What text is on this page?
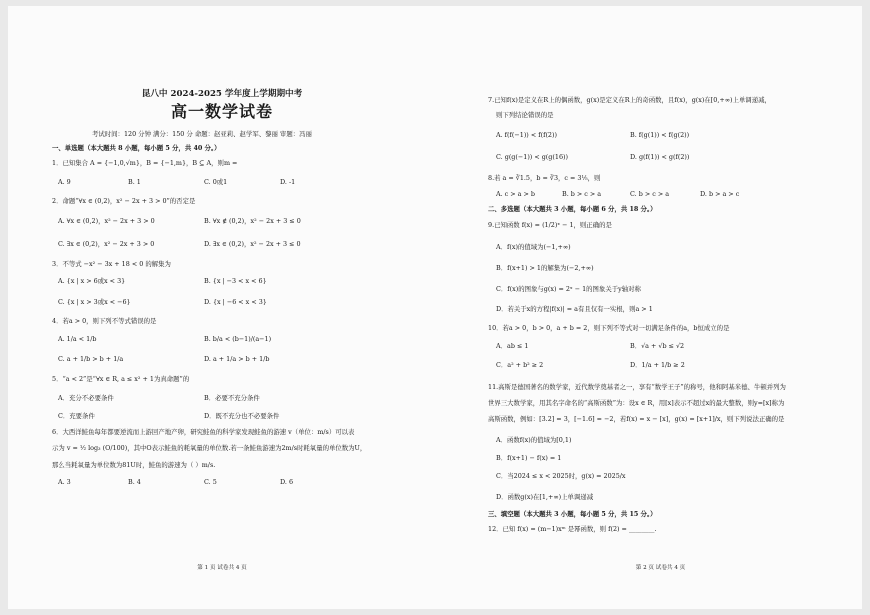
昆八中 2024-2025 学年度上学期期中考
高一数学试卷
考试时间：120 分钟 满分：150 分 命题：赵亚莉、赵学军、黎丽 审题：冯丽
一、单选题（本大题共 8 小题，每小题 5 分，共 40 分。）
1．已知集合 A = {−1,0,√m}，B = {−1,m}，B ⊆ A，则m =
A. 9	B. 1	C. 0或1	D. -1
2．命题“∀x ∈ (0,2)，x² − 2x + 3 > 0”的否定是
A. ∀x ∈ (0,2)，x² − 2x + 3 > 0	B. ∀x ∉ (0,2)，x² − 2x + 3 ≤ 0
C. ∃x ∈ (0,2)，x² − 2x + 3 > 0	D. ∃x ∈ (0,2)，x² − 2x + 3 ≤ 0
3．不等式 −x² − 3x + 18 < 0 的解集为
A. {x | x > 6或x < 3}	B. {x | −3 < x < 6}
C. {x | x > 3或x < −6}	D. {x | −6 < x < 3}
4．若a > 0，则下列不等式错误的是
A. 1/a < 1/b	B. b/a < (b−1)/(a−1)
C. a + 1/b > b + 1/a	D. a + 1/a > b + 1/b
5．“a < 2”是“∀x ∈ R, a ≤ x² + 1为真命题”的
A．充分不必要条件	B．必要不充分条件
C．充要条件	D．既不充分也不必要条件
6．大西洋鲑鱼每年都要逆流而上游回产地产卵，研究鲑鱼的科学家发现鲑鱼的游速 v（单位：m/s）可以表
示为 v = ½ log₃ (O/100)，其中O表示鲑鱼的耗氧量的单位数.若一条鲑鱼游速为2m/s时耗氧量的单位数为U，
那么当耗氧量为单位数为81U时，鲑鱼的游速为（ ）m/s.
A. 3	B. 4	C. 5	D. 6
第 1 页 试卷共 4 页
7.已知f(x)是定义在R上的偶函数，g(x)是定义在R上的奇函数，且f(x)，g(x)在[0,+∞)上单调递减，
则下列结论错误的是
A. f(f(−1)) < f(f(2))	B. f(g(1)) < f(g(2))
C. g(g(−1)) < g(g(16))	D. g(f(1)) < g(f(2))
8.若 a = ∛1.5，b = ∛3，c = 3⅕，则
A. c > a > b	B. b > c > a	C. b > c > a	D. b > a > c
二、多选题（本大题共 3 小题，每小题 6 分，共 18 分。）
9.已知函数 f(x) = (1/2)ˣ − 1，则正确的是
A．f(x)的值域为(−1,+∞)
B．f(x+1) > 1的解集为(−2,+∞)
C．f(x)的图象与g(x) = 2ˣ − 1的图象关于y轴对称
D．若关于x的方程|f(x)| = a有且仅有一实根，则a > 1
10．若a > 0，b > 0，a + b = 2，则下列不等式对一切满足条件的a，b恒成立的是
A．ab ≤ 1	B．√a + √b ≤ √2
C．a² + b² ≥ 2	D．1/a + 1/b ≥ 2
11.高斯是德国著名的数学家，近代数学奠基者之一，享有“数学王子”的称号，他和阿基米德、牛顿并列为
世界三大数学家，用其名字命名的“高斯函数”为：设x ∈ R，用[x]表示不超过x的最大整数，则y=[x]称为
高斯函数，例如：[3.2] = 3，[−1.6] = −2，若f(x) = x − [x]，g(x) = [x+1]/x，则下列说法正确的是
A．函数f(x)的值域为[0,1)
B．f(x+1) − f(x) = 1
C．当2024 ≤ x < 2025时，g(x) = 2025/x
D．函数g(x)在[1,+∞)上单调递减
三、填空题（本大题共 3 小题，每小题 5 分，共 15 分。）
12．已知 f(x) = (m−1)xᵐ 是幂函数，则 f(2) = ________.
第 2 页 试卷共 4 页
